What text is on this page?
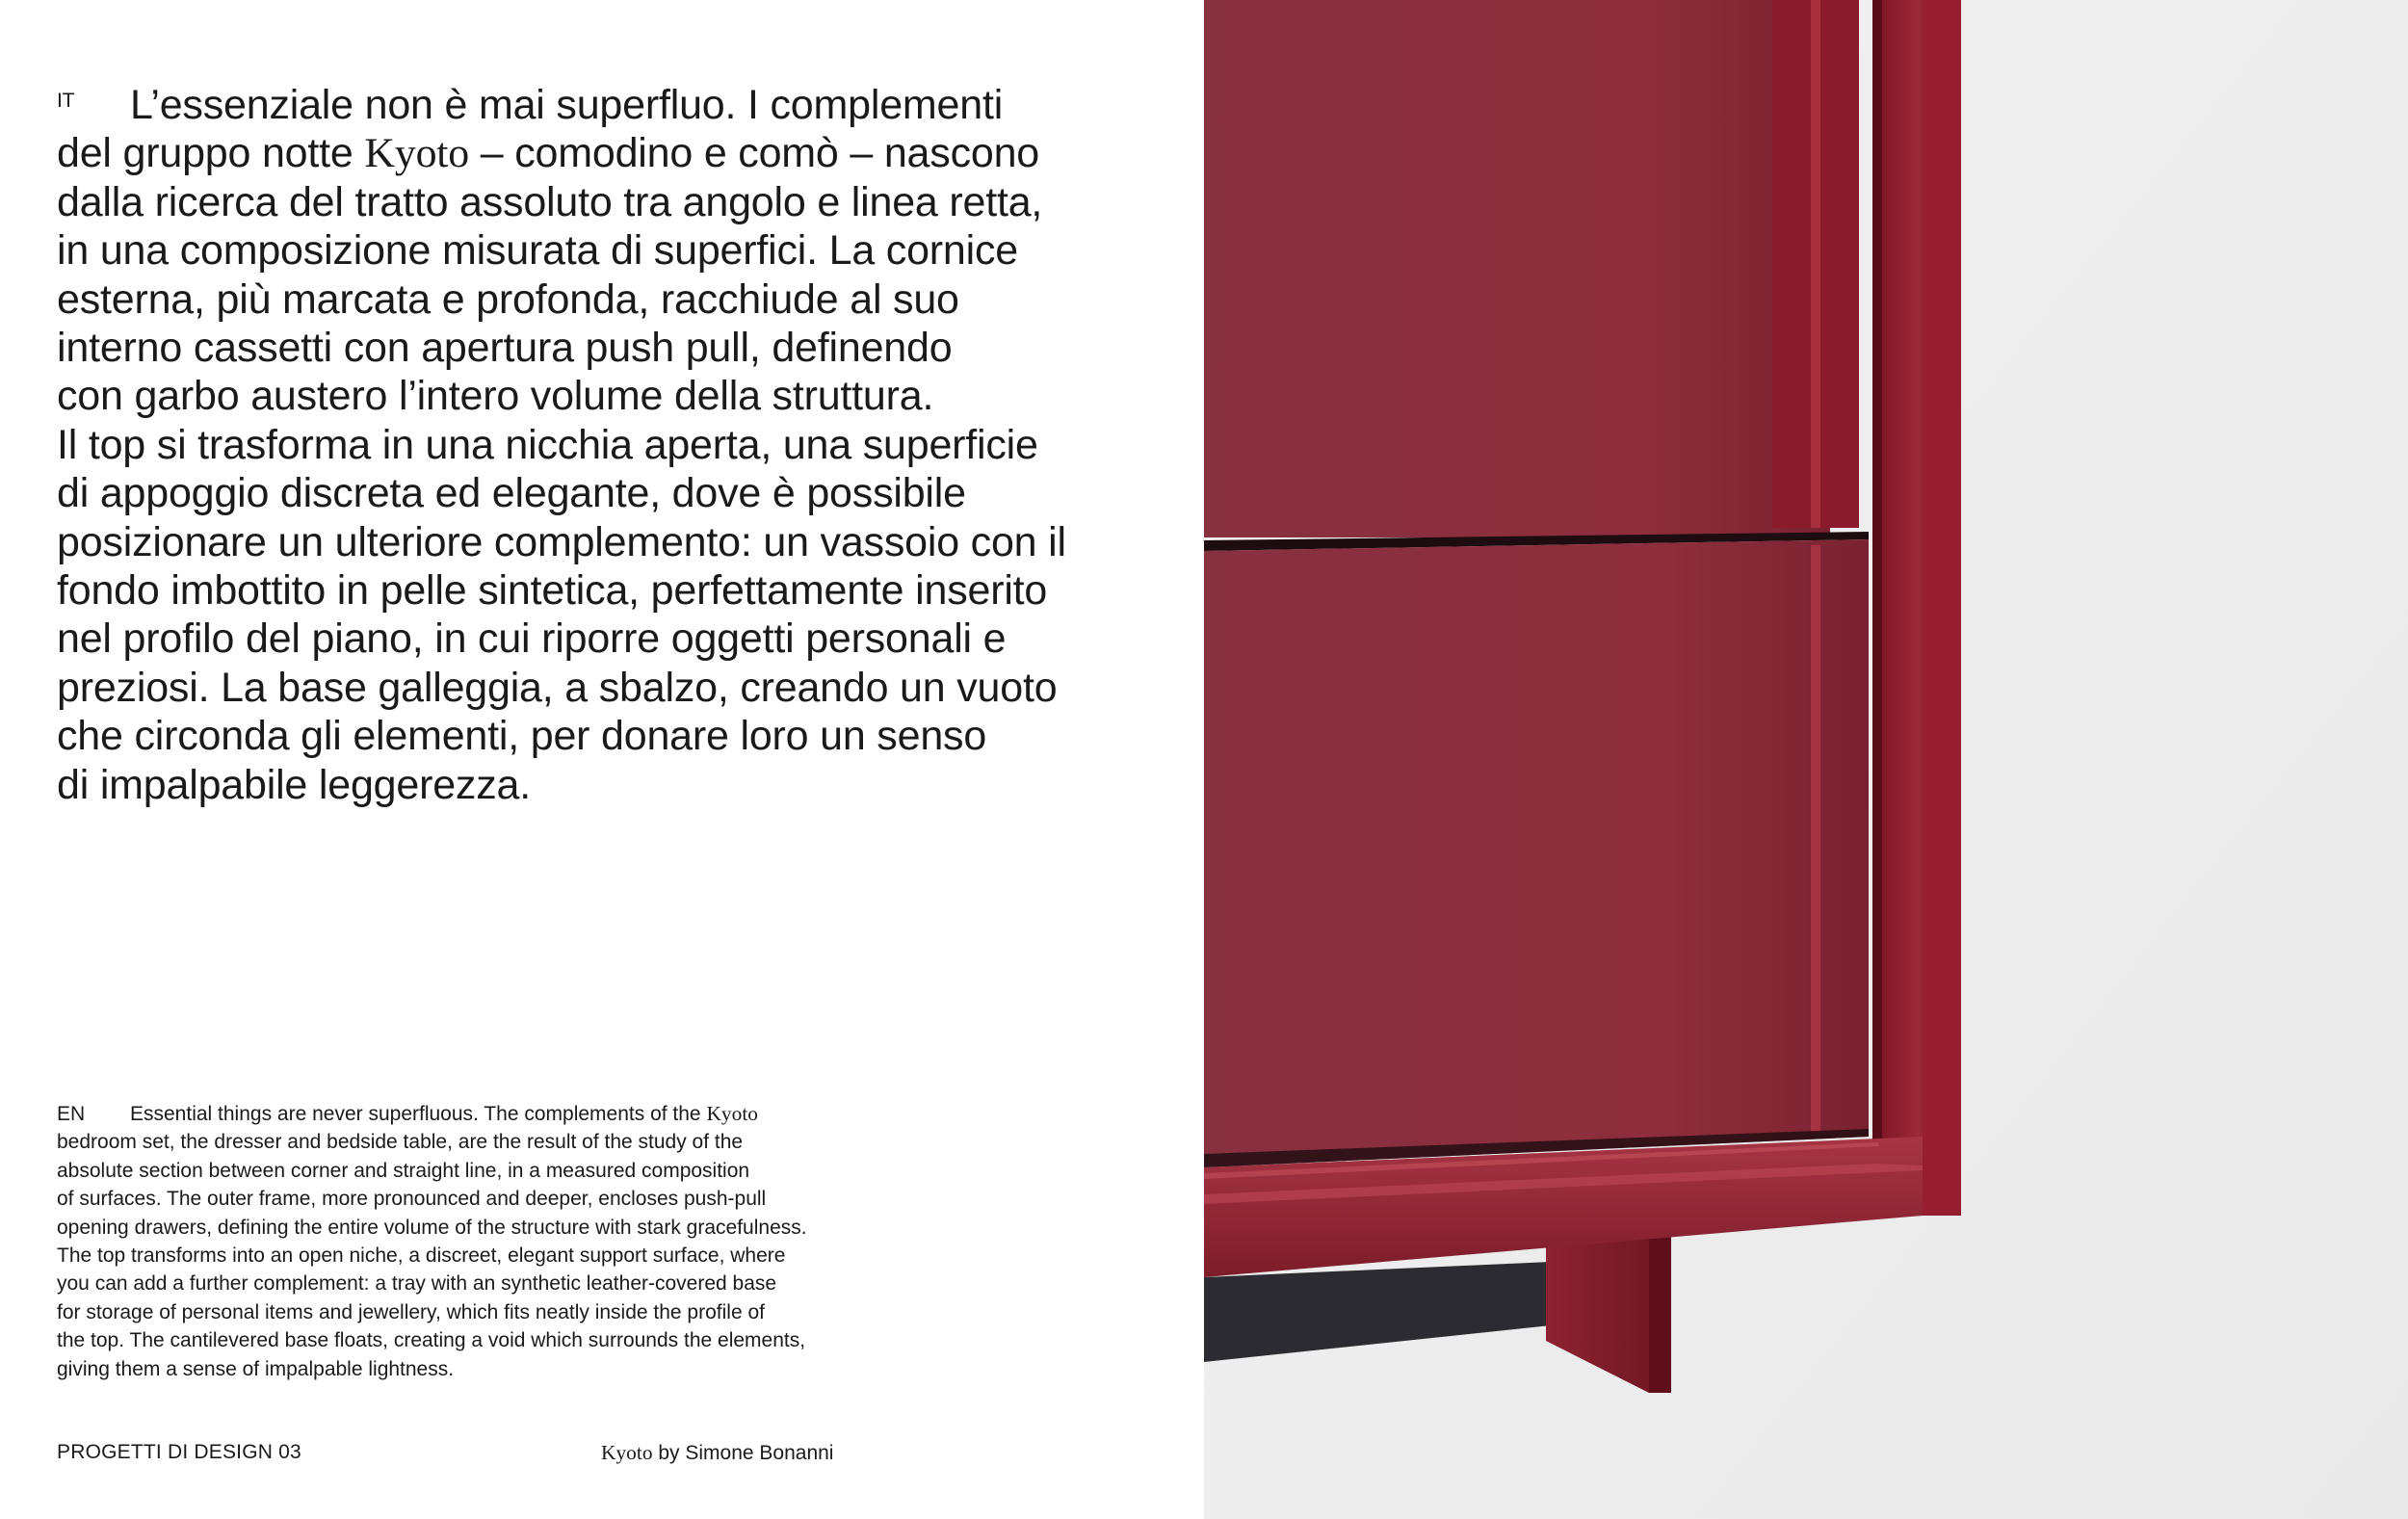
IT L’essenziale non è mai superfluo. I complementi
del gruppo notte Kyoto – comodino e comò – nascono
dalla ricerca del tratto assoluto tra angolo e linea retta,
in una composizione misurata di superfici. La cornice
esterna, più marcata e profonda, racchiude al suo
interno cassetti con apertura push pull, definendo
con garbo austero l’intero volume della struttura.
Il top si trasforma in una nicchia aperta, una superficie
di appoggio discreta ed elegante, dove è possibile
posizionare un ulteriore complemento: un vassoio con il
fondo imbottito in pelle sintetica, perfettamente inserito
nel profilo del piano, in cui riporre oggetti personali e
preziosi. La base galleggia, a sbalzo, creando un vuoto
che circonda gli elementi, per donare loro un senso
di impalpabile leggerezza.
EN Essential things are never superfluous. The complements of the Kyoto
bedroom set, the dresser and bedside table, are the result of the study of the
absolute section between corner and straight line, in a measured composition
of surfaces. The outer frame, more pronounced and deeper, encloses push-pull
opening drawers, defining the entire volume of the structure with stark gracefulness.
The top transforms into an open niche, a discreet, elegant support surface, where
you can add a further complement: a tray with an synthetic leather-covered base
for storage of personal items and jewellery, which fits neatly inside the profile of
the top. The cantilevered base floats, creating a void which surrounds the elements,
giving them a sense of impalpable lightness.
PROGETTI DI DESIGN 03	Kyoto by Simone Bonanni
